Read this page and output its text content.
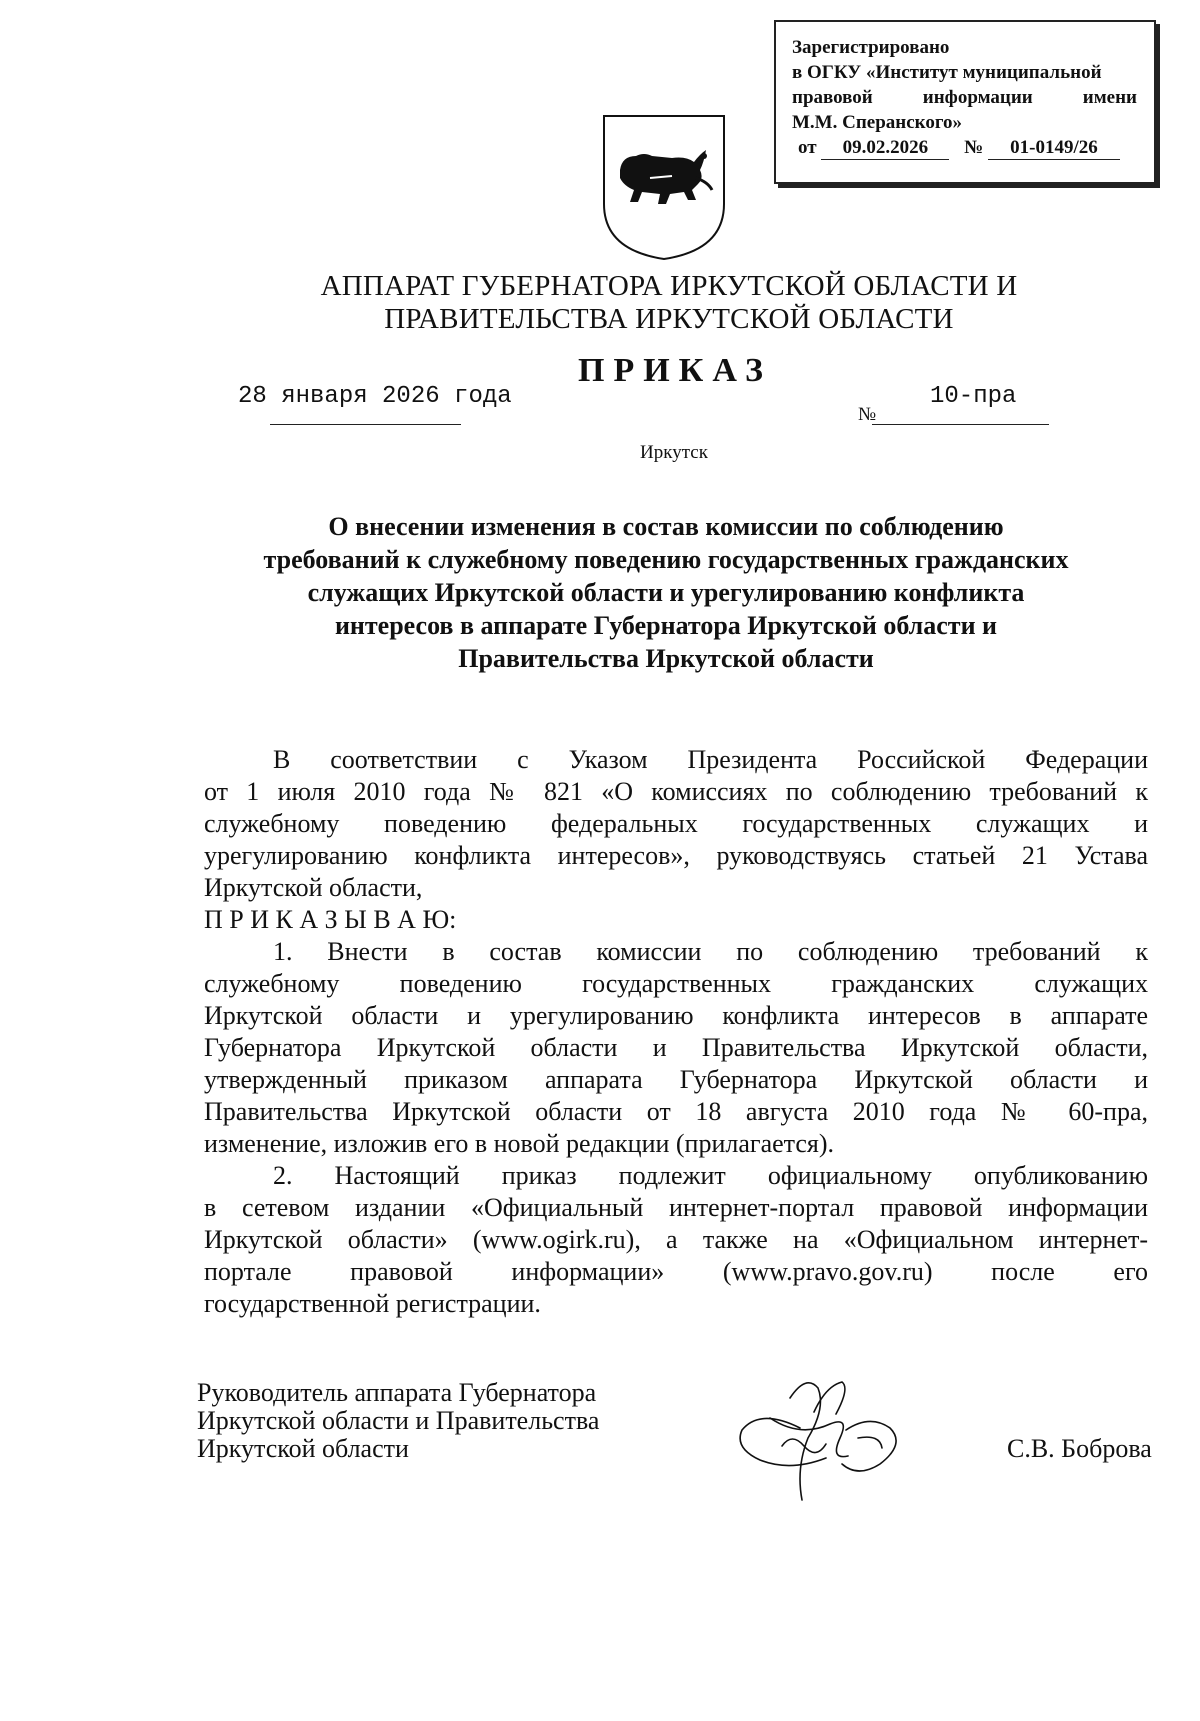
Зарегистрировано
в ОГКУ «Институт муниципальной
правовой информации имени
М.М. Сперанского»
от 09.02.2026 № 01-0149/26
АППАРАТ ГУБЕРНАТОРА ИРКУТСКОЙ ОБЛАСТИ И
ПРАВИТЕЛЬСТВА ИРКУТСКОЙ ОБЛАСТИ
ПРИКАЗ
28 января 2026 года
№
10-пра
Иркутск
О внесении изменения в состав комиссии по соблюдению
требований к служебному поведению государственных гражданских
служащих Иркутской области и урегулированию конфликта
интересов в аппарате Губернатора Иркутской области и
Правительства Иркутской области
В соответствии с Указом Президента Российской Федерации
от 1 июля 2010 года № 821 «О комиссиях по соблюдению требований к
служебному поведению федеральных государственных служащих и
урегулированию конфликта интересов», руководствуясь статьей 21 Устава
Иркутской области,
П Р И К А З Ы В А Ю:
1. Внести в состав комиссии по соблюдению требований к
служебному поведению государственных гражданских служащих
Иркутской области и урегулированию конфликта интересов в аппарате
Губернатора Иркутской области и Правительства Иркутской области,
утвержденный приказом аппарата Губернатора Иркутской области и
Правительства Иркутской области от 18 августа 2010 года № 60-пра,
изменение, изложив его в новой редакции (прилагается).
2. Настоящий приказ подлежит официальному опубликованию
в сетевом издании «Официальный интернет-портал правовой информации
Иркутской области» (www.ogirk.ru), а также на «Официальном интернет-
портале правовой информации» (www.pravo.gov.ru) после его
государственной регистрации.
Руководитель аппарата Губернатора
Иркутской области и Правительства
Иркутской области	С.В. Боброва
